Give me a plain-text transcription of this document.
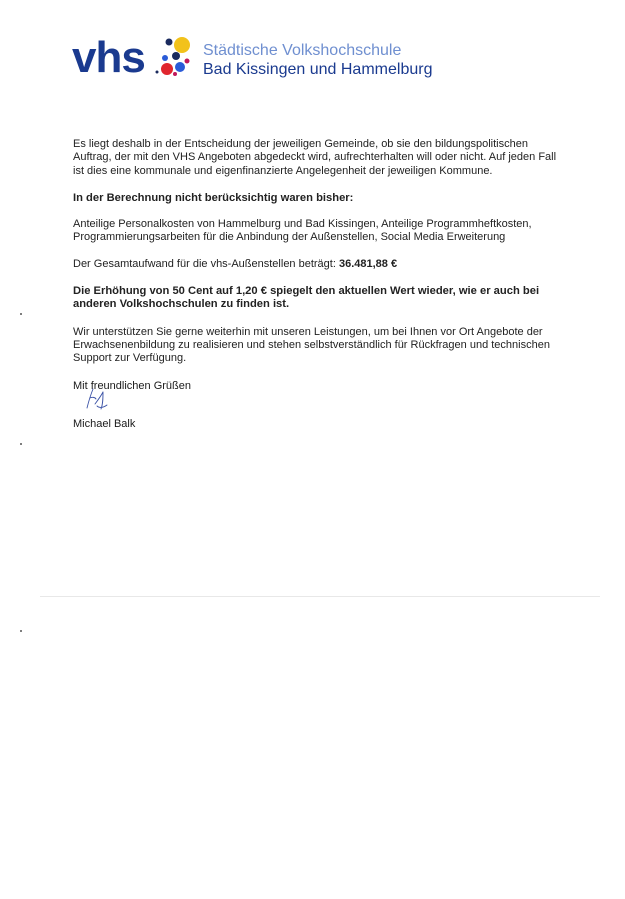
vhs	Städtische Volkshochschule
Bad Kissingen und Hammelburg

Es liegt deshalb in der Entscheidung der jeweiligen Gemeinde, ob sie den bildungspolitischen Auftrag, der mit den VHS Angeboten abgedeckt wird, aufrechterhalten will oder nicht. Auf jeden Fall ist dies eine kommunale und eigenfinanzierte Angelegenheit der jeweiligen Kommune.

In der Berechnung nicht berücksichtig waren bisher:

Anteilige Personalkosten von Hammelburg und Bad Kissingen, Anteilige Programmheftkosten, Programmierungsarbeiten für die Anbindung der Außenstellen, Social Media Erweiterung

Der Gesamtaufwand für die vhs-Außenstellen beträgt: 36.481,88 €

Die Erhöhung von 50 Cent auf 1,20 € spiegelt den aktuellen Wert wieder, wie er auch bei anderen Volkshochschulen zu finden ist.

Wir unterstützen Sie gerne weiterhin mit unseren Leistungen, um bei Ihnen vor Ort Angebote der Erwachsenenbildung zu realisieren und stehen selbstverständlich für Rückfragen und technischen Support zur Verfügung.

Mit freundlichen Grüßen
Michael Balk
